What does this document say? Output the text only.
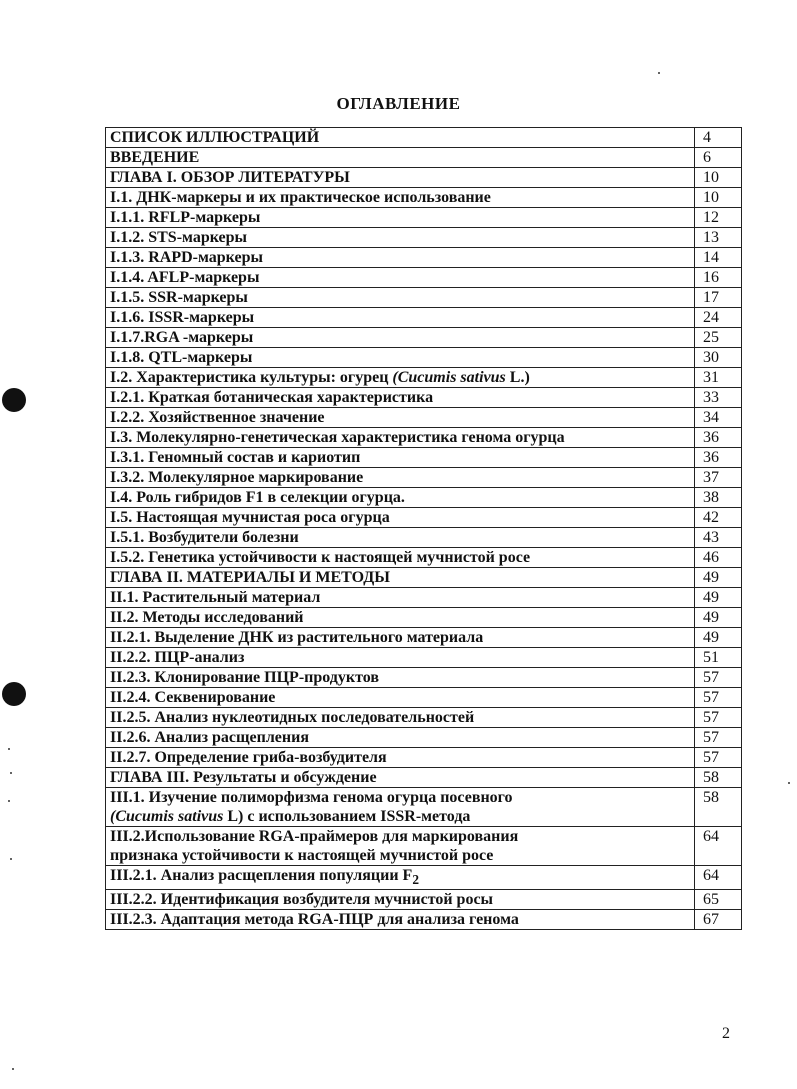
ОГЛАВЛЕНИЕ
СПИСОК ИЛЛЮСТРАЦИЙ	4
ВВЕДЕНИЕ	6
ГЛАВА I. ОБЗОР ЛИТЕРАТУРЫ	10
I.1. ДНК-маркеры и их практическое использование	10
I.1.1. RFLP-маркеры	12
I.1.2. STS-маркеры	13
I.1.3. RAPD-маркеры	14
I.1.4. AFLP-маркеры	16
I.1.5. SSR-маркеры	17
I.1.6. ISSR-маркеры	24
I.1.7.RGA -маркеры	25
I.1.8. QTL-маркеры	30
I.2. Характеристика культуры: огурец (Cucumis sativus L.)	31
I.2.1. Краткая ботаническая характеристика	33
I.2.2. Хозяйственное значение	34
I.3. Молекулярно-генетическая характеристика генома огурца	36
I.3.1. Геномный состав и кариотип	36
I.3.2. Молекулярное маркирование	37
I.4. Роль гибридов F1 в селекции огурца.	38
I.5. Настоящая мучнистая роса огурца	42
I.5.1. Возбудители болезни	43
I.5.2. Генетика устойчивости к настоящей мучнистой росе	46
ГЛАВА II. МАТЕРИАЛЫ И МЕТОДЫ	49
II.1. Растительный материал	49
II.2. Методы исследований	49
II.2.1. Выделение ДНК из растительного материала	49
II.2.2. ПЦР-анализ	51
II.2.3. Клонирование ПЦР-продуктов	57
II.2.4. Секвенирование	57
II.2.5. Анализ нуклеотидных последовательностей	57
II.2.6. Анализ расщепления	57
II.2.7. Определение гриба-возбудителя	57
ГЛАВА III. Результаты и обсуждение	58

III.1. Изучение полиморфизма генома огурца посевного
(Cucumis sativus L) с использованием ISSR-метода	58

III.2.Использование RGA-праймеров для маркирования
признака устойчивости к настоящей мучнистой росе	64
III.2.1. Анализ расщепления популяции $F_2$	64
III.2.2. Идентификация возбудителя мучнистой росы	65
III.2.3. Адаптация метода RGA-ПЦР для анализа генома	67
2
